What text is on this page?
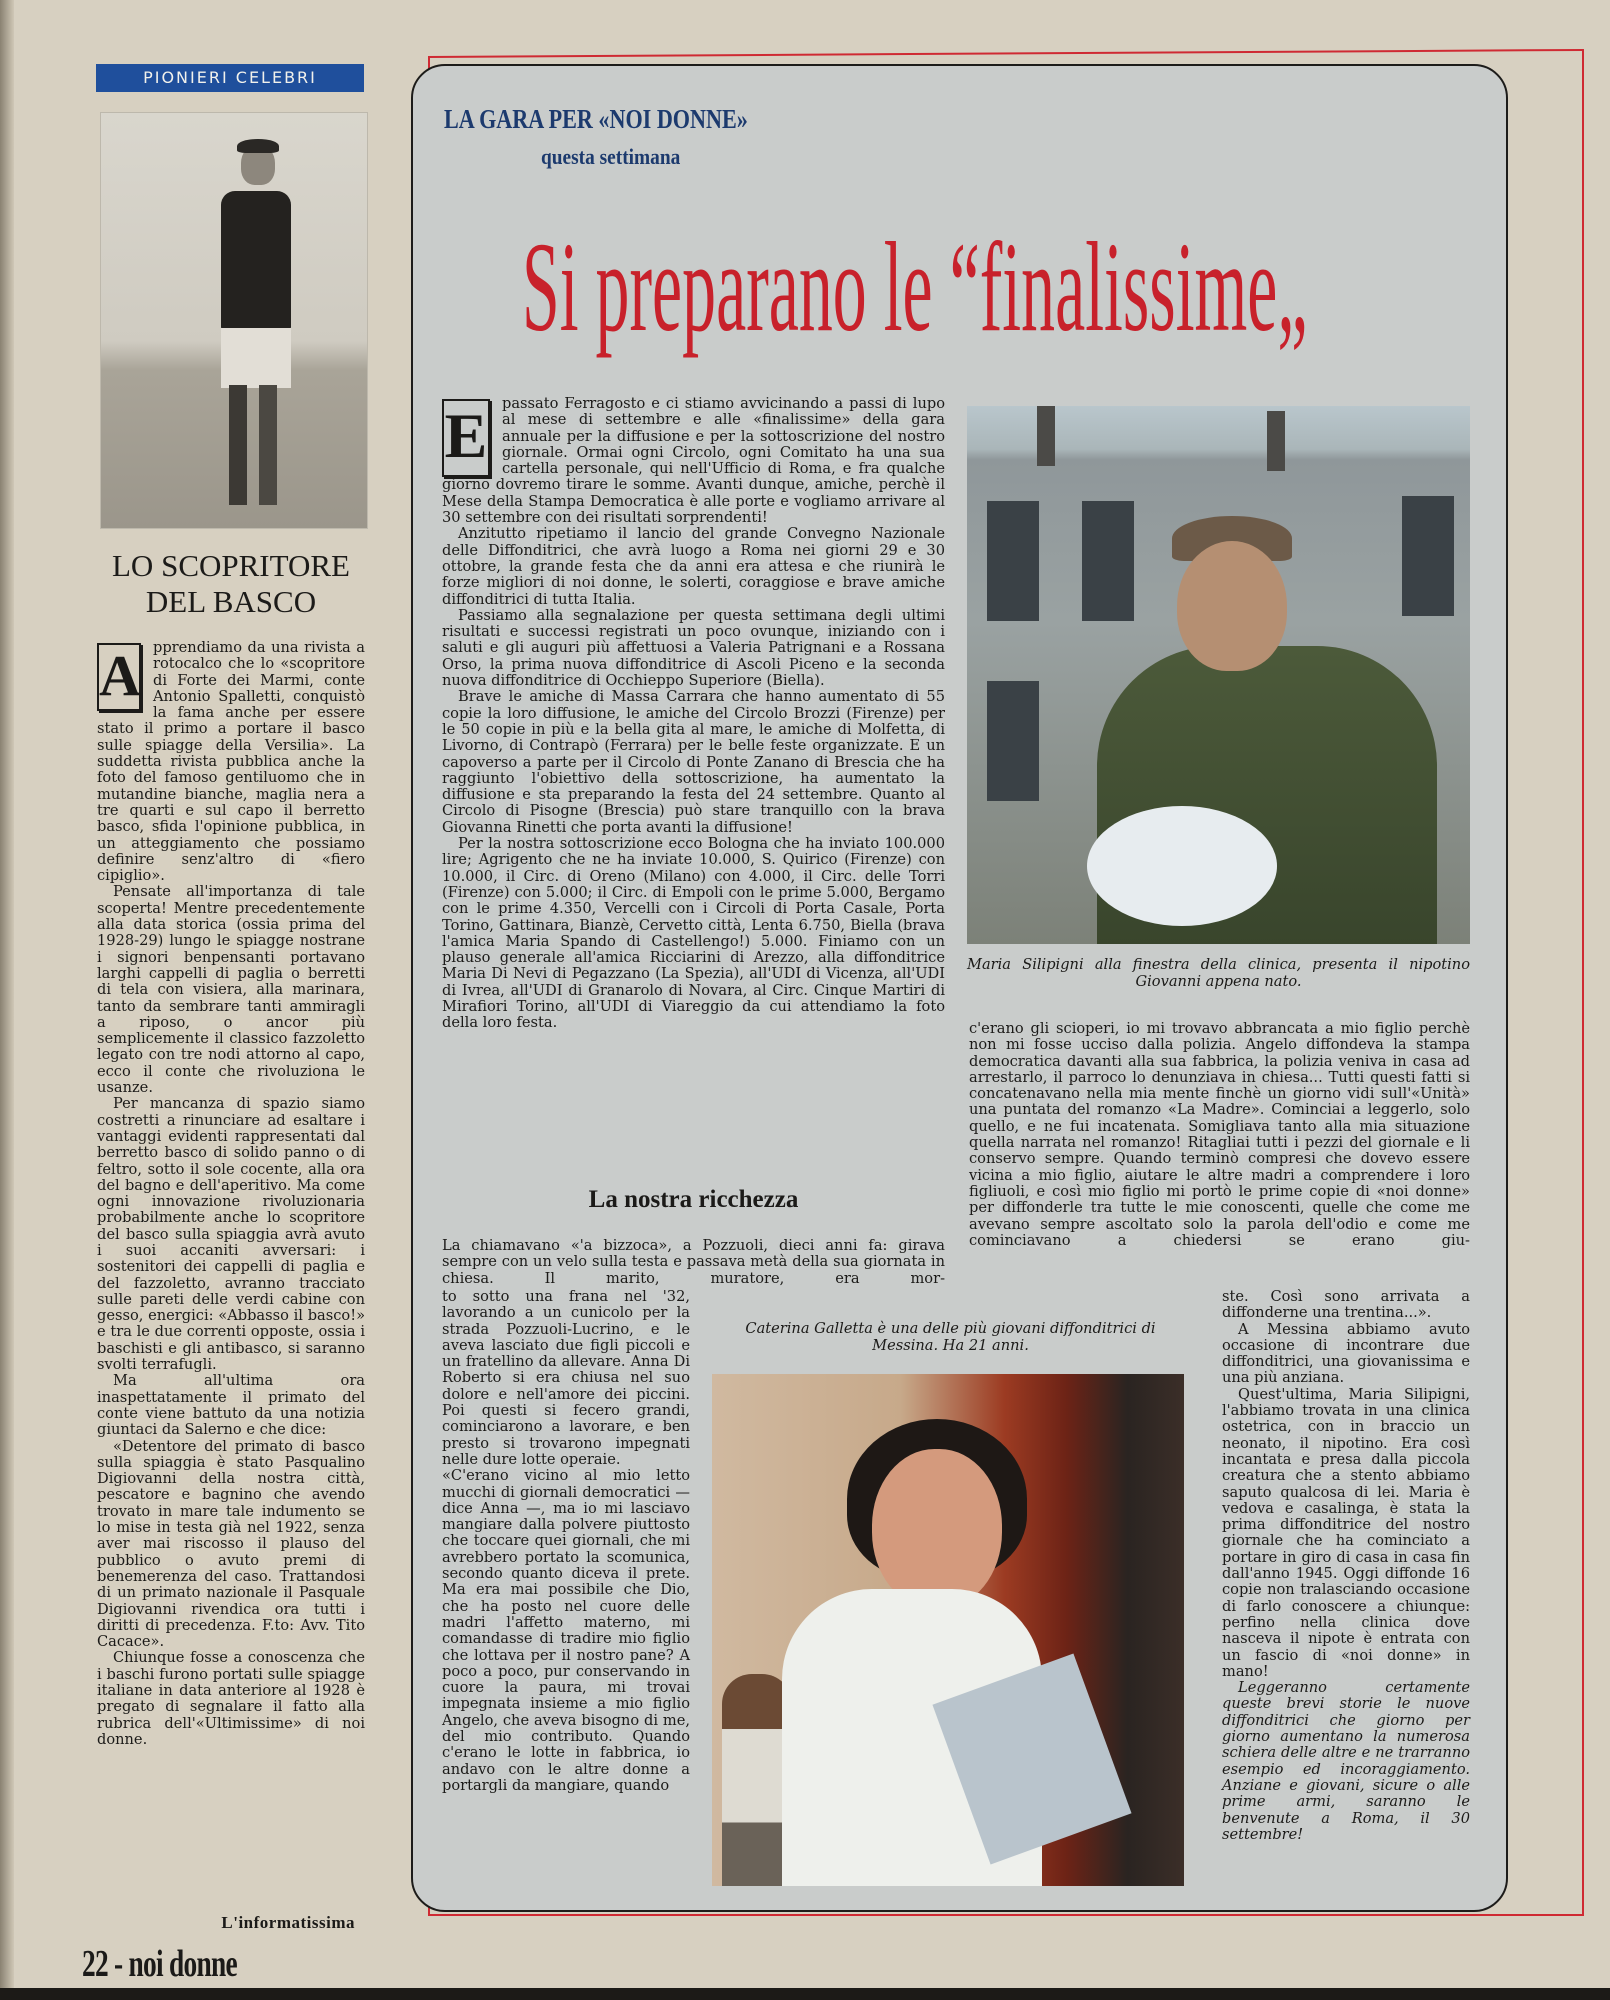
PIONIERI CELEBRI
LO SCOPRITORE
DEL BASCO

A pprendiamo da una rivista a rotocalco che lo «scopritore di Forte dei Marmi, conte Antonio Spalletti, conquistò la fama anche per essere stato il primo a portare il basco sulle spiagge della Versilia». La suddetta rivista pubblica anche la foto del famoso gentiluomo che in mutandine bianche, maglia nera a tre quarti e sul capo il berretto basco, sfida l'opinione pubblica, in un atteggiamento che possiamo definire senz'altro di «fiero cipiglio».

Pensate all'importanza di tale scoperta! Mentre precedentemente alla data storica (ossia prima del 1928-29) lungo le spiagge nostrane i signori benpensanti portavano larghi cappelli di paglia o berretti di tela con visiera, alla marinara, tanto da sembrare tanti ammiragli a riposo, o ancor più semplicemente il classico fazzoletto legato con tre nodi attorno al capo, ecco il conte che rivoluziona le usanze.

Per mancanza di spazio siamo costretti a rinunciare ad esaltare i vantaggi evidenti rappresentati dal berretto basco di solido panno o di feltro, sotto il sole cocente, alla ora del bagno e dell'aperitivo. Ma come ogni innovazione rivoluzionaria probabilmente anche lo scopritore del basco sulla spiaggia avrà avuto i suoi accaniti avversari: i sostenitori dei cappelli di paglia e del fazzoletto, avranno tracciato sulle pareti delle verdi cabine con gesso, energici: «Abbasso il basco!» e tra le due correnti opposte, ossia i baschisti e gli antibasco, si saranno svolti terrafugli.

Ma all'ultima ora inaspettatamente il primato del conte viene battuto da una notizia giuntaci da Salerno e che dice:

«Detentore del primato di basco sulla spiaggia è stato Pasqualino Digiovanni della nostra città, pescatore e bagnino che avendo trovato in mare tale indumento se lo mise in testa già nel 1922, senza aver mai riscosso il plauso del pubblico o avuto premi di benemerenza del caso. Trattandosi di un primato nazionale il Pasquale Digiovanni rivendica ora tutti i diritti di precedenza. F.to: Avv. Tito Cacace».

Chiunque fosse a conoscenza che i baschi furono portati sulle spiagge italiane in data anteriore al 1928 è pregato di segnalare il fatto alla rubrica dell'«Ultimissime» di noi donne.

L'informatissima
22 - noi donne
LA GARA PER «NOI DONNE»
questa settimana
Si preparano le “finalissime„

E passato Ferragosto e ci stiamo avvicinando a passi di lupo al mese di settembre e alle «finalissime» della gara annuale per la diffusione e per la sottoscrizione del nostro giornale. Ormai ogni Circolo, ogni Comitato ha una sua cartella personale, qui nell'Ufficio di Roma, e fra qualche giorno dovremo tirare le somme. Avanti dunque, amiche, perchè il Mese della Stampa Democratica è alle porte e vogliamo arrivare al 30 settembre con dei risultati sorprendenti!

Anzitutto ripetiamo il lancio del grande Convegno Nazionale delle Diffonditrici, che avrà luogo a Roma nei giorni 29 e 30 ottobre, la grande festa che da anni era attesa e che riunirà le forze migliori di noi donne, le solerti, coraggiose e brave amiche diffonditrici di tutta Italia.

Passiamo alla segnalazione per questa settimana degli ultimi risultati e successi registrati un poco ovunque, iniziando con i saluti e gli auguri più affettuosi a Valeria Patrignani e a Rossana Orso, la prima nuova diffonditrice di Ascoli Piceno e la seconda nuova diffonditrice di Occhieppo Superiore (Biella).

Brave le amiche di Massa Carrara che hanno aumentato di 55 copie la loro diffusione, le amiche del Circolo Brozzi (Firenze) per le 50 copie in più e la bella gita al mare, le amiche di Molfetta, di Livorno, di Contrapò (Ferrara) per le belle feste organizzate. E un capoverso a parte per il Circolo di Ponte Zanano di Brescia che ha raggiunto l'obiettivo della sottoscrizione, ha aumentato la diffusione e sta preparando la festa del 24 settembre. Quanto al Circolo di Pisogne (Brescia) può stare tranquillo con la brava Giovanna Rinetti che porta avanti la diffusione!

Per la nostra sottoscrizione ecco Bologna che ha inviato 100.000 lire; Agrigento che ne ha inviate 10.000, S. Quirico (Firenze) con 10.000, il Circ. di Oreno (Milano) con 4.000, il Circ. delle Torri (Firenze) con 5.000; il Circ. di Empoli con le prime 5.000, Bergamo con le prime 4.350, Vercelli con i Circoli di Porta Casale, Porta Torino, Gattinara, Bianzè, Cervetto città, Lenta 6.750, Biella (brava l'amica Maria Spando di Castellengo!) 5.000. Finiamo con un plauso generale all'amica Ricciarini di Arezzo, alla diffonditrice Maria Di Nevi di Pegazzano (La Spezia), all'UDI di Vicenza, all'UDI di Ivrea, all'UDI di Granarolo di Novara, al Circ. Cinque Martiri di Mirafiori Torino, all'UDI di Viareggio da cui attendiamo la foto della loro festa.

Maria Silipigni alla finestra della clinica, presenta il nipotino Giovanni appena nato.
La nostra ricchezza
La chiamavano «'a bizzoca», a Pozzuoli, dieci anni fa: girava sempre con un velo sulla testa e passava metà della sua giornata in chiesa. Il marito, muratore, era mor-

to sotto una frana nel '32, lavorando a un cunicolo per la strada Pozzuoli-Lucrino, e le aveva lasciato due figli piccoli e un fratellino da allevare. Anna Di Roberto si era chiusa nel suo dolore e nell'amore dei piccini. Poi questi si fecero grandi, cominciarono a lavorare, e ben presto si trovarono impegnati nelle dure lotte operaie.

«C'erano vicino al mio letto mucchi di giornali democratici — dice Anna —, ma io mi lasciavo mangiare dalla polvere piuttosto che toccare quei giornali, che mi avrebbero portato la scomunica, secondo quanto diceva il prete. Ma era mai possibile che Dio, che ha posto nel cuore delle madri l'affetto materno, mi comandasse di tradire mio figlio che lottava per il nostro pane? A poco a poco, pur conservando in cuore la paura, mi trovai impegnata insieme a mio figlio Angelo, che aveva bisogno di me, del mio contributo. Quando c'erano le lotte in fabbrica, io andavo con le altre donne a portargli da mangiare, quando

Caterina Galletta è una delle più giovani diffonditrici di Messina. Ha 21 anni.

c'erano gli scioperi, io mi trovavo abbrancata a mio figlio perchè non mi fosse ucciso dalla polizia. Angelo diffondeva la stampa democratica davanti alla sua fabbrica, la polizia veniva in casa ad arrestarlo, il parroco lo denunziava in chiesa... Tutti questi fatti si concatenavano nella mia mente finchè un giorno vidi sull'«Unità» una puntata del romanzo «La Madre». Cominciai a leggerlo, solo quello, e ne fui incatenata. Somigliava tanto alla mia situazione quella narrata nel romanzo! Ritagliai tutti i pezzi del giornale e li conservo sempre. Quando terminò compresi che dovevo essere vicina a mio figlio, aiutare le altre madri a comprendere i loro figliuoli, e così mio figlio mi portò le prime copie di «noi donne» per diffonderle tra tutte le mie conoscenti, quelle che come me avevano sempre ascoltato solo la parola dell'odio e come me cominciavano a chiedersi se erano giu-

ste. Così sono arrivata a diffonderne una trentina...».

A Messina abbiamo avuto occasione di incontrare due diffonditrici, una giovanissima e una più anziana.

Quest'ultima, Maria Silipigni, l'abbiamo trovata in una clinica ostetrica, con in braccio un neonato, il nipotino. Era così incantata e presa dalla piccola creatura che a stento abbiamo saputo qualcosa di lei. Maria è vedova e casalinga, è stata la prima diffonditrice del nostro giornale che ha cominciato a portare in giro di casa in casa fin dall'anno 1945. Oggi diffonde 16 copie non tralasciando occasione di farlo conoscere a chiunque: perfino nella clinica dove nasceva il nipote è entrata con un fascio di «noi donne» in mano!

Leggeranno certamente queste brevi storie le nuove diffonditrici che giorno per giorno aumentano la numerosa schiera delle altre e ne trarranno esempio ed incoraggiamento. Anziane e giovani, sicure o alle prime armi, saranno le benvenute a Roma, il 30 settembre!
